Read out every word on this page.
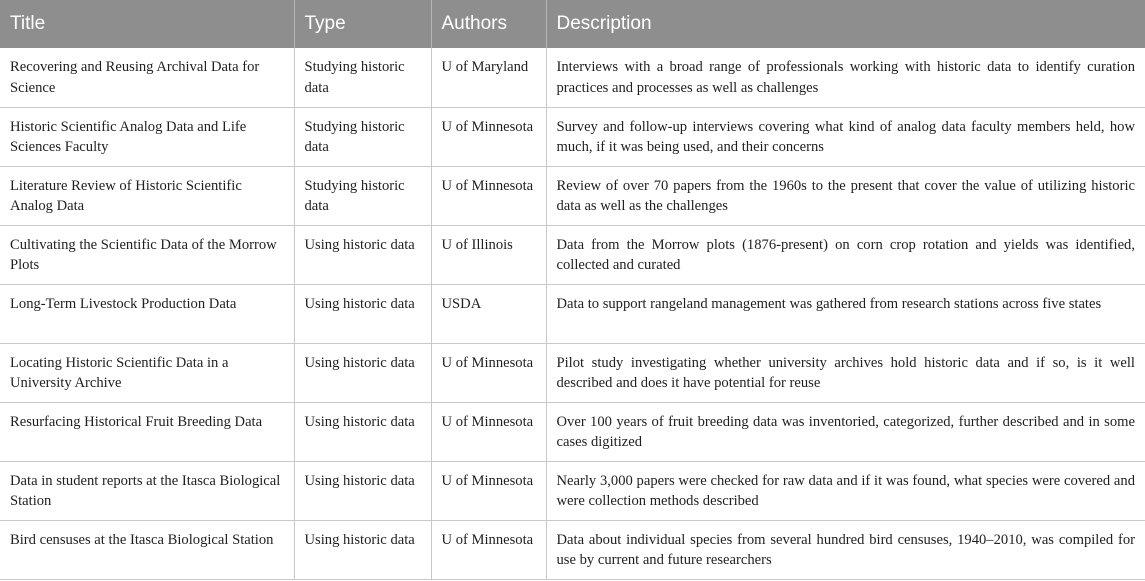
Title	Type	Authors	Description
Recovering and Reusing Archival Data for Science	Studying historic data	U of Maryland	Interviews with a broad range of professionals working with historic data to identify curation practices and processes as well as challenges
Historic Scientific Analog Data and Life Sciences Faculty	Studying historic data	U of Minnesota	Survey and follow-up interviews covering what kind of analog data faculty members held, how much, if it was being used, and their concerns
Literature Review of Historic Scientific Analog Data	Studying historic data	U of Minnesota	Review of over 70 papers from the 1960s to the present that cover the value of utilizing historic data as well as the challenges
Cultivating the Scientific Data of the Morrow Plots	Using historic data	U of Illinois	Data from the Morrow plots (1876-present) on corn crop rotation and yields was identified, collected and curated
Long-Term Livestock Production Data	Using historic data	USDA	Data to support rangeland management was gathered from research stations across five states
Locating Historic Scientific Data in a University Archive	Using historic data	U of Minnesota	Pilot study investigating whether university archives hold historic data and if so, is it well described and does it have potential for reuse
Resurfacing Historical Fruit Breeding Data	Using historic data	U of Minnesota	Over 100 years of fruit breeding data was inventoried, categorized, further described and in some cases digitized
Data in student reports at the Itasca Biological Station	Using historic data	U of Minnesota	Nearly 3,000 papers were checked for raw data and if it was found, what species were covered and were collection methods described
Bird censuses at the Itasca Biological Station	Using historic data	U of Minnesota	Data about individual species from several hundred bird censuses, 1940–2010, was compiled for use by current and future researchers
